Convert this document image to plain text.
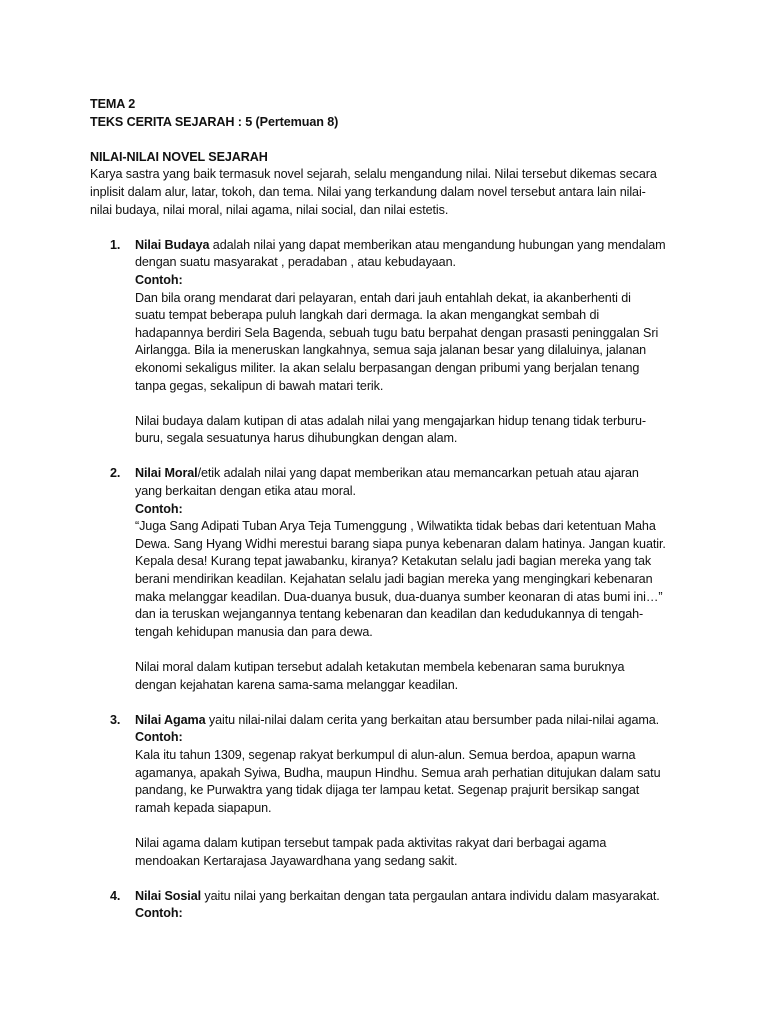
TEMA 2
TEKS CERITA SEJARAH : 5 (Pertemuan 8)
NILAI-NILAI NOVEL SEJARAH
Karya sastra yang baik termasuk novel sejarah, selalu mengandung nilai. Nilai tersebut dikemas secara
inplisit dalam alur, latar, tokoh, dan tema. Nilai yang terkandung dalam novel tersebut antara lain nilai-
nilai budaya, nilai moral, nilai agama, nilai social, dan nilai estetis.
1. Nilai Budaya adalah nilai yang dapat memberikan atau mengandung hubungan yang mendalam
dengan suatu masyarakat , peradaban , atau kebudayaan.
Contoh:
Dan bila orang mendarat dari pelayaran, entah dari jauh entahlah dekat, ia akanberhenti di
suatu tempat beberapa puluh langkah dari dermaga. Ia akan mengangkat sembah di
hadapannya berdiri Sela Bagenda, sebuah tugu batu berpahat dengan prasasti peninggalan Sri
Airlangga. Bila ia meneruskan langkahnya, semua saja jalanan besar yang dilaluinya, jalanan
ekonomi sekaligus militer. Ia akan selalu berpasangan dengan pribumi yang berjalan tenang
tanpa gegas, sekalipun di bawah matari terik.
Nilai budaya dalam kutipan di atas adalah nilai yang mengajarkan hidup tenang tidak terburu-
buru, segala sesuatunya harus dihubungkan dengan alam.
2. Nilai Moral/etik adalah nilai yang dapat memberikan atau memancarkan petuah atau ajaran
yang berkaitan dengan etika atau moral.
Contoh:
“Juga Sang Adipati Tuban Arya Teja Tumenggung , Wilwatikta tidak bebas dari ketentuan Maha
Dewa. Sang Hyang Widhi merestui barang siapa punya kebenaran dalam hatinya. Jangan kuatir.
Kepala desa! Kurang tepat jawabanku, kiranya? Ketakutan selalu jadi bagian mereka yang tak
berani mendirikan keadilan. Kejahatan selalu jadi bagian mereka yang mengingkari kebenaran
maka melanggar keadilan. Dua-duanya busuk, dua-duanya sumber keonaran di atas bumi ini…”
dan ia teruskan wejangannya tentang kebenaran dan keadilan dan kedudukannya di tengah-
tengah kehidupan manusia dan para dewa.
Nilai moral dalam kutipan tersebut adalah ketakutan membela kebenaran sama buruknya
dengan kejahatan karena sama-sama melanggar keadilan.
3. Nilai Agama yaitu nilai-nilai dalam cerita yang berkaitan atau bersumber pada nilai-nilai agama.
Contoh:
Kala itu tahun 1309, segenap rakyat berkumpul di alun-alun. Semua berdoa, apapun warna
agamanya, apakah Syiwa, Budha, maupun Hindhu. Semua arah perhatian ditujukan dalam satu
pandang, ke Purwaktra yang tidak dijaga ter lampau ketat. Segenap prajurit bersikap sangat
ramah kepada siapapun.
Nilai agama dalam kutipan tersebut tampak pada aktivitas rakyat dari berbagai agama
mendoakan Kertarajasa Jayawardhana yang sedang sakit.
4. Nilai Sosial yaitu nilai yang berkaitan dengan tata pergaulan antara individu dalam masyarakat.
Contoh:
